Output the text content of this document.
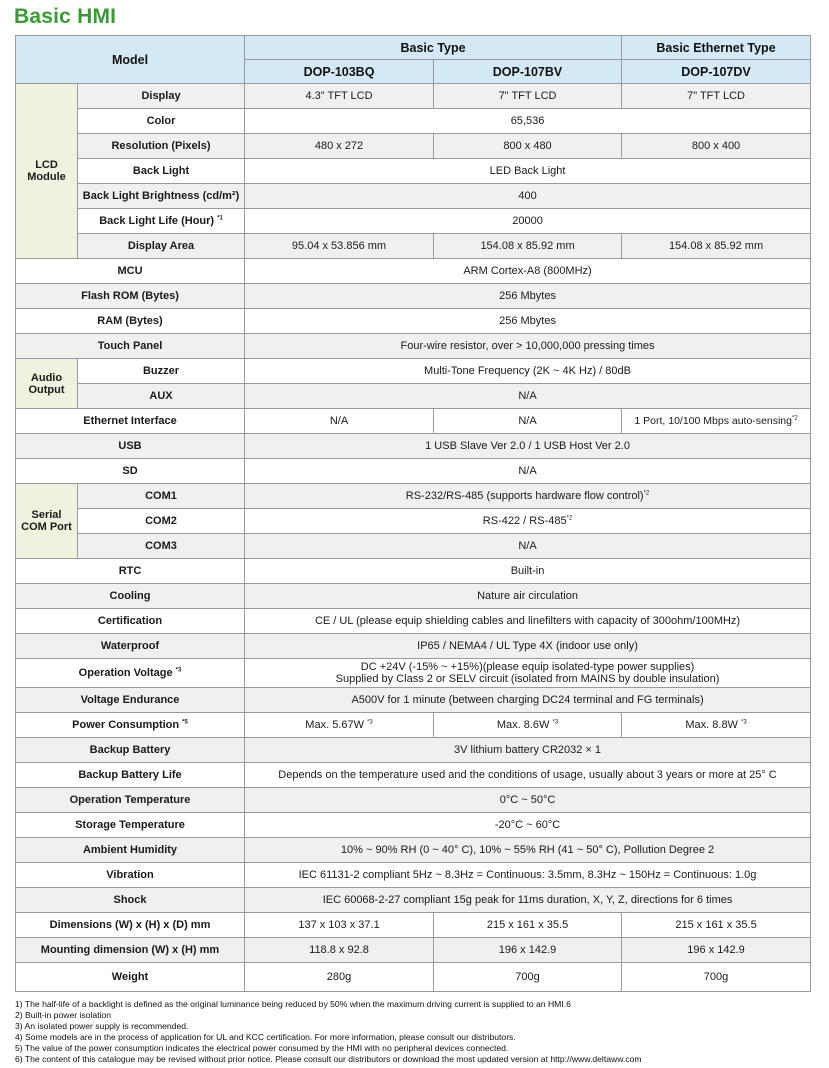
Basic HMI
Model		Basic Type		Basic Ethernet Type
		DOP-103BQ	DOP-107BV	DOP-107DV
LCD Module	Display	4.3" TFT LCD	7" TFT LCD	7" TFT LCD
	Color	65,536		
	Resolution (Pixels)	480 x 272	800 x 480	800 x 400
	Back Light	LED Back Light		
	Back Light Brightness (cd/m²)	400		
	Back Light Life (Hour) $^{*1}$	20000		
	Display Area	95.04 x 53.856 mm	154.08 x 85.92 mm	154.08 x 85.92 mm
MCU		ARM Cortex-A8 (800MHz)		
Flash ROM (Bytes)		256 Mbytes		
RAM (Bytes)		256 Mbytes		
Touch Panel		Four-wire resistor, over > 10,000,000 pressing times		
Audio Output	Buzzer	Multi-Tone Frequency (2K ~ 4K Hz) / 80dB		
	AUX	N/A		
Ethernet Interface		N/A	N/A	1 Port, 10/100 Mbps auto-sensing$^{*2}$
USB		1 USB Slave Ver 2.0 / 1 USB Host Ver 2.0		
SD		N/A		
Serial COM Port	COM1	RS-232/RS-485 (supports hardware flow control)$^{*2}$
	COM2	RS-422 / RS-485$^{*2}$
	COM3	N/A		
RTC		Built-in		
Cooling		Nature air circulation		
Certification		CE / UL (please equip shielding cables and linefilters with capacity of 300ohm/100MHz)		
Waterproof		IP65 / NEMA4 / UL Type 4X (indoor use only)		
Operation Voltage $^{*3}$		DC +24V (-15% ~ +15%)(please equip isolated-type power supplies)
Supplied by Class 2 or SELV circuit (isolated from MAINS by double insulation)		

Voltage Endurance		A500V for 1 minute (between charging DC24 terminal and FG terminals)		
Power Consumption $^{*5}$		Max. 5.67W $^{*3}$	Max. 8.6W $^{*3}$	Max. 8.8W $^{*3}$
Backup Battery		3V lithium battery CR2032 × 1		
Backup Battery Life		Depends on the temperature used and the conditions of usage, usually about 3 years or more at 25° C		
Operation Temperature		0°C ~ 50°C		
Storage Temperature		-20°C ~ 60°C		
Ambient Humidity		10% ~ 90% RH (0 ~ 40° C), 10% ~ 55% RH (41 ~ 50° C), Pollution Degree 2		
Vibration		IEC 61131-2 compliant 5Hz ~ 8.3Hz = Continuous: 3.5mm, 8.3Hz ~ 150Hz = Continuous: 1.0g		
Shock		IEC 60068-2-27 compliant 15g peak for 11ms duration, X, Y, Z, directions for 6 times		
Dimensions (W) x (H) x (D) mm		137 x 103 x 37.1	215 x 161 x 35.5	215 x 161 x 35.5
Mounting dimension (W) x (H) mm		118.8 x 92.8	196 x 142.9	196 x 142.9
Weight		280g	700g	700g
1) The half-life of a backlight is defined as the original luminance being reduced by 50% when the maximum driving current is supplied to an HMI.6
2) Built-in power isolation
3) An isolated power supply is recommended.
4) Some models are in the process of application for UL and KCC certification. For more information, please consult our distributors.
5) The value of the power consumption indicates the electrical power consumed by the HMI with no peripheral devices connected.
6) The content of this catalogue may be revised without prior notice. Please consult our distributors or download the most updated version at http://www.deltaww.com
